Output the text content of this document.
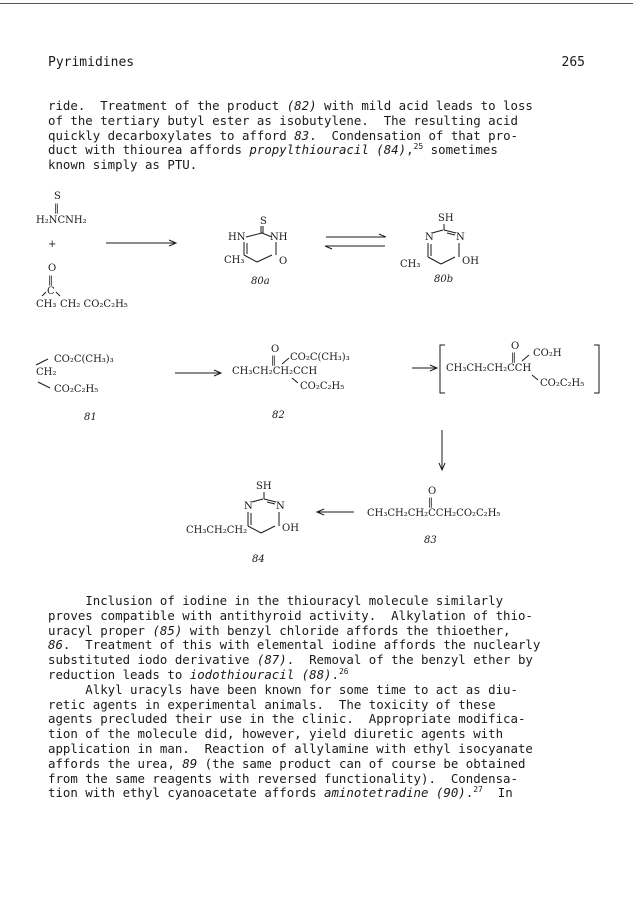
Pyrimidines	265
ride.  Treatment of the product (82) with mild acid leads to loss
of the tertiary butyl ester as isobutylene.  The resulting acid
quickly decarboxylates to afford 83.  Condensation of that pro-
duct with thiourea affords propylthiouracil (84),$^{25}$ sometimes
known simply as PTU.
S
‖
H₂NCNH₂
+
O
‖
C
CH₃ CH₂ CO₂C₂H₅
S
HN NH
CH₃	O
80a
SH
N N
CH₃	OH
80b
CO₂C(CH₃)₃
CH₂
CO₂C₂H₅
81
O
‖ CO₂C(CH₃)₃
CH₃CH₂CH₂CCH
CO₂C₂H₅
82
O
‖ CO₂H
CH₃CH₂CH₂CCH
CO₂C₂H₅
O
‖
CH₃CH₂CH₂CCH₂CO₂C₂H₅
83
SH
N N
CH₃CH₂CH₂	OH
84
Inclusion of iodine in the thiouracyl molecule similarly
proves compatible with antithyroid activity.  Alkylation of thio-
uracyl proper (85) with benzyl chloride affords the thioether,
86.  Treatment of this with elemental iodine affords the nuclearly
substituted iodo derivative (87).  Removal of the benzyl ether by
reduction leads to iodothiouracil (88).$^{26}$
Alkyl uracyls have been known for some time to act as diu-
retic agents in experimental animals.  The toxicity of these
agents precluded their use in the clinic.  Appropriate modifica-
tion of the molecule did, however, yield diuretic agents with
application in man.  Reaction of allylamine with ethyl isocyanate
affords the urea, 89 (the same product can of course be obtained
from the same reagents with reversed functionality).  Condensa-
tion with ethyl cyanoacetate affords aminotetradine (90).$^{27}$  In
